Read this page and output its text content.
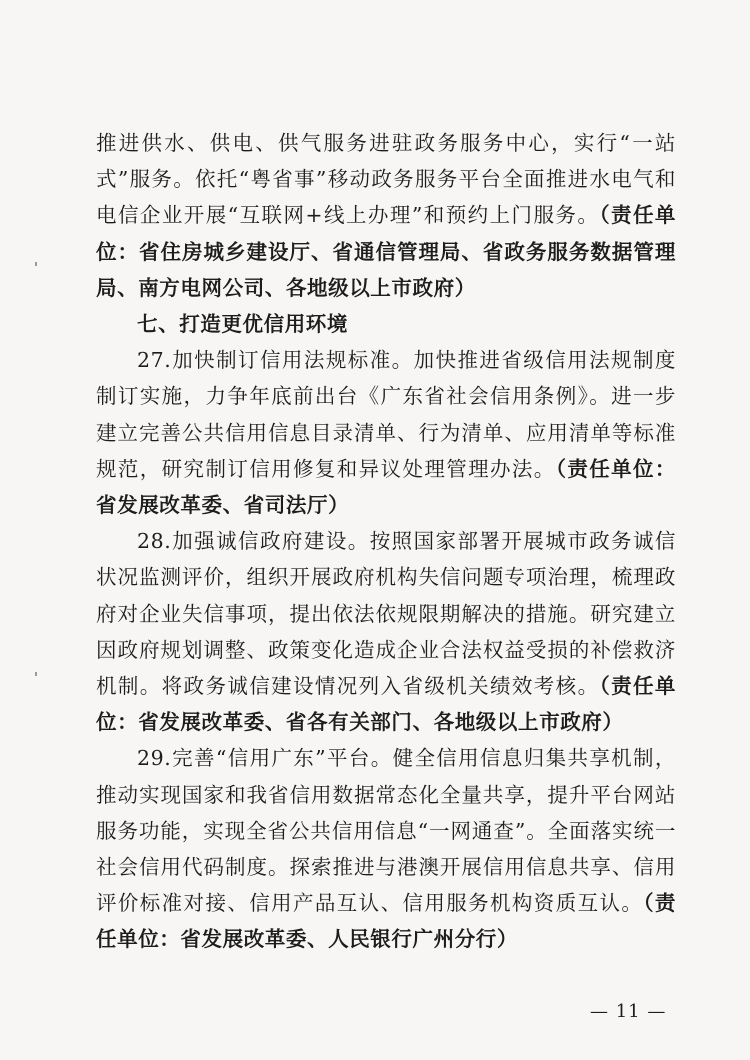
推进供水、供电、供气服务进驻政务服务中心，实行“一站式”服务。依托“粤省事”移动政务服务平台全面推进水电气和电信企业开展“互联网+线上办理”和预约上门服务。（责任单位：省住房城乡建设厅、省通信管理局、省政务服务数据管理局、南方电网公司、各地级以上市政府）

七、打造更优信用环境

27.加快制订信用法规标准。加快推进省级信用法规制度制订实施，力争年底前出台《广东省社会信用条例》。进一步建立完善公共信用信息目录清单、行为清单、应用清单等标准规范，研究制订信用修复和异议处理管理办法。（责任单位：省发展改革委、省司法厅）

28.加强诚信政府建设。按照国家部署开展城市政务诚信状况监测评价，组织开展政府机构失信问题专项治理，梳理政府对企业失信事项，提出依法依规限期解决的措施。研究建立因政府规划调整、政策变化造成企业合法权益受损的补偿救济机制。将政务诚信建设情况列入省级机关绩效考核。（责任单位：省发展改革委、省各有关部门、各地级以上市政府）

29.完善“信用广东”平台。健全信用信息归集共享机制，推动实现国家和我省信用数据常态化全量共享，提升平台网站服务功能，实现全省公共信用信息“一网通查”。全面落实统一社会信用代码制度。探索推进与港澳开展信用信息共享、信用评价标准对接、信用产品互认、信用服务机构资质互认。（责任单位：省发展改革委、人民银行广州分行）

— 11 —
